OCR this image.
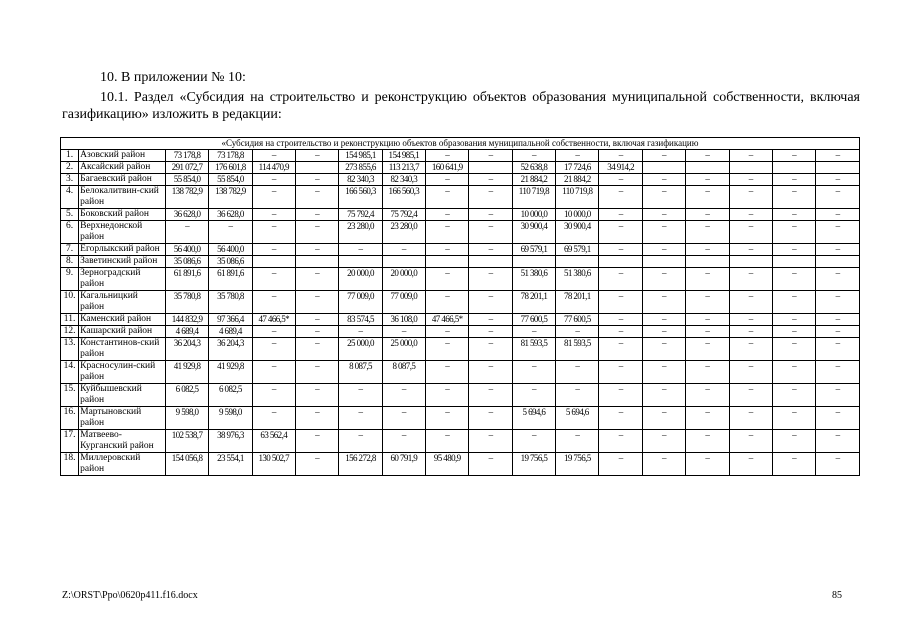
10. В приложении № 10:
10.1. Раздел «Субсидия на строительство и реконструкцию объектов образования муниципальной собственности, включая газификацию» изложить в редакции:
«Субсидия на строительство и реконструкцию объектов образования муниципальной собственности, включая газификацию																	
1.	Азовский район	73 178,8	73 178,8	–	–	154 985,1	154 985,1	–	–	–	–	–	–	–	–	–	–
2.	Аксайский район	291 072,7	176 601,8	114 470,9		273 855,6	113 213,7	160 641,9		52 638,8	17 724,6	34 914,2					
3.	Багаевский район	55 854,0	55 854,0	–	–	82 340,3	82 340,3	–	–	21 884,2	21 884,2	–	–	–	–	–	–
4.	Белокалитвин-ский район	138 782,9	138 782,9	–	–	166 560,3	166 560,3	–	–	110 719,8	110 719,8	–	–	–	–	–	–
5.	Боковский район	36 628,0	36 628,0	–	–	75 792,4	75 792,4	–	–	10 000,0	10 000,0	–	–	–	–	–	–
6.	Верхнедонской район	–	–	–	–	23 280,0	23 280,0	–	–	30 900,4	30 900,4	–	–	–	–	–	–
7.	Егорлыкский район	56 400,0	56 400,0	–	–	–	–	–	–	69 579,1	69 579,1	–	–	–	–	–	–
8.	Заветинский район	35 086,6	35 086,6														
9.	Зерноградский район	61 891,6	61 891,6	–	–	20 000,0	20 000,0	–	–	51 380,6	51 380,6	–	–	–	–	–	–
10.	Кагальницкий район	35 780,8	35 780,8	–	–	77 009,0	77 009,0	–	–	78 201,1	78 201,1	–	–	–	–	–	–
11.	Каменский район	144 832,9	97 366,4	47 466,5*	–	83 574,5	36 108,0	47 466,5*	–	77 600,5	77 600,5	–	–	–	–	–	–
12.	Кашарский район	4 689,4	4 689,4	–	–	–	–	–	–	–	–	–	–	–	–	–	–
13.	Константинов-ский район	36 204,3	36 204,3	–	–	25 000,0	25 000,0	–	–	81 593,5	81 593,5	–	–	–	–	–	–
14.	Красносулин-ский район	41 929,8	41 929,8	–	–	8 087,5	8 087,5	–	–	–	–	–	–	–	–	–	–
15.	Куйбышевский район	6 082,5	6 082,5	–	–	–	–	–	–	–	–	–	–	–	–	–	–
16.	Мартыновский район	9 598,0	9 598,0	–	–	–	–	–	–	5 694,6	5 694,6	–	–	–	–	–	–
17.	Матвеево-Курганский район	102 538,7	38 976,3	63 562,4	–	–	–	–	–	–	–	–	–	–	–	–	–
18.	Миллеровский район	154 056,8	23 554,1	130 502,7	–	156 272,8	60 791,9	95 480,9	–	19 756,5	19 756,5	–	–	–	–	–	–
Z:\ORST\Ppo\0620p411.f16.docx	85
